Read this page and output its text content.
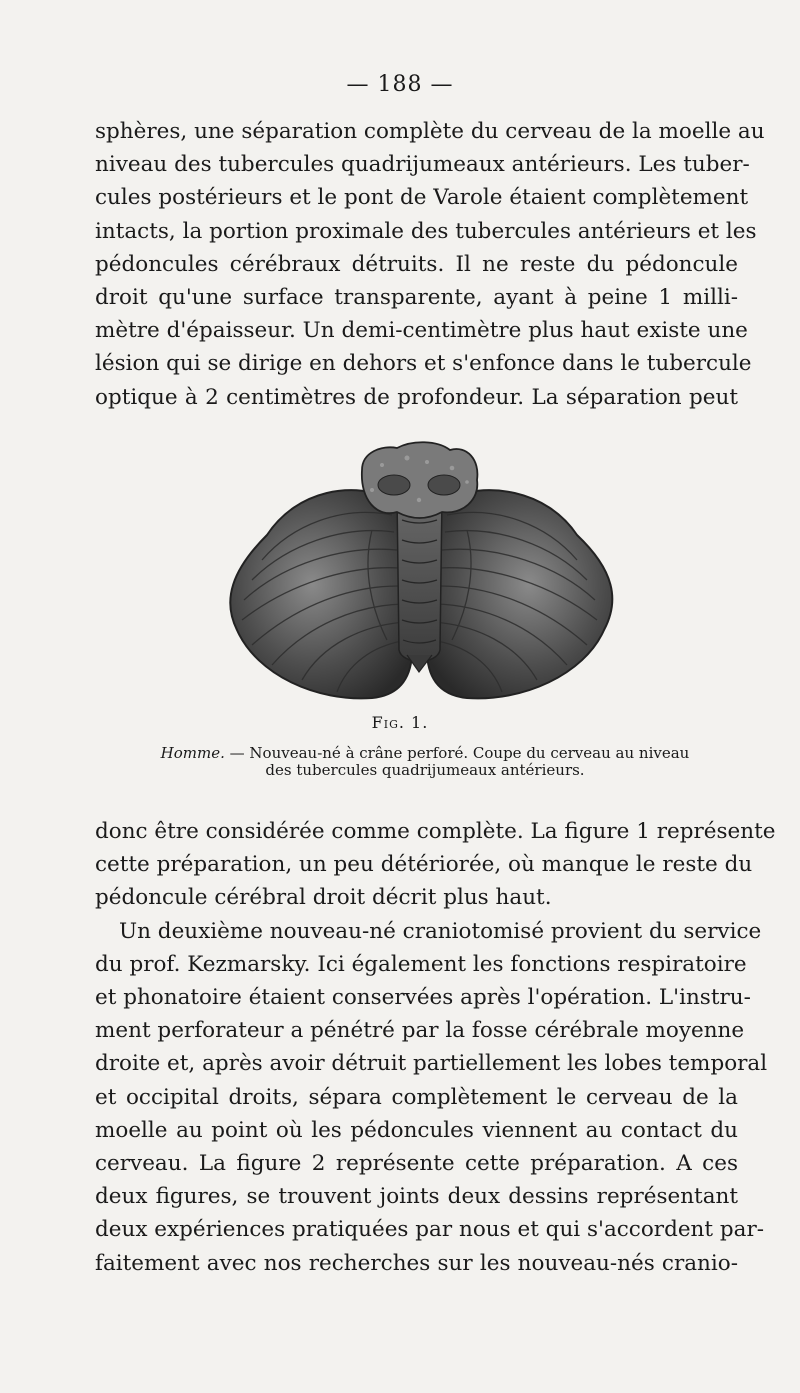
— 188 —
sphères, une séparation complète du cerveau de la moelle au
niveau des tubercules quadrijumeaux antérieurs. Les tuber-
cules postérieurs et le pont de Varole étaient complètement
intacts, la portion proximale des tubercules antérieurs et les
pédoncules cérébraux détruits. Il ne reste du pédoncule
droit qu'une surface transparente, ayant à peine 1 milli-
mètre d'épaisseur. Un demi-centimètre plus haut existe une
lésion qui se dirige en dehors et s'enfonce dans le tubercule
optique à 2 centimètres de profondeur. La séparation peut
Fig. 1.
Homme. — Nouveau-né à crâne perforé. Coupe du cerveau au niveau
des tubercules quadrijumeaux antérieurs.
donc être considérée comme complète. La figure 1 représente
cette préparation, un peu détériorée, où manque le reste du
pédoncule cérébral droit décrit plus haut.
Un deuxième nouveau-né craniotomisé provient du service
du prof. Kezmarsky. Ici également les fonctions respiratoire
et phonatoire étaient conservées après l'opération. L'instru-
ment perforateur a pénétré par la fosse cérébrale moyenne
droite et, après avoir détruit partiellement les lobes temporal
et occipital droits, sépara complètement le cerveau de la
moelle au point où les pédoncules viennent au contact du
cerveau. La figure 2 représente cette préparation. A ces
deux figures, se trouvent joints deux dessins représentant
deux expériences pratiquées par nous et qui s'accordent par-
faitement avec nos recherches sur les nouveau-nés cranio-
